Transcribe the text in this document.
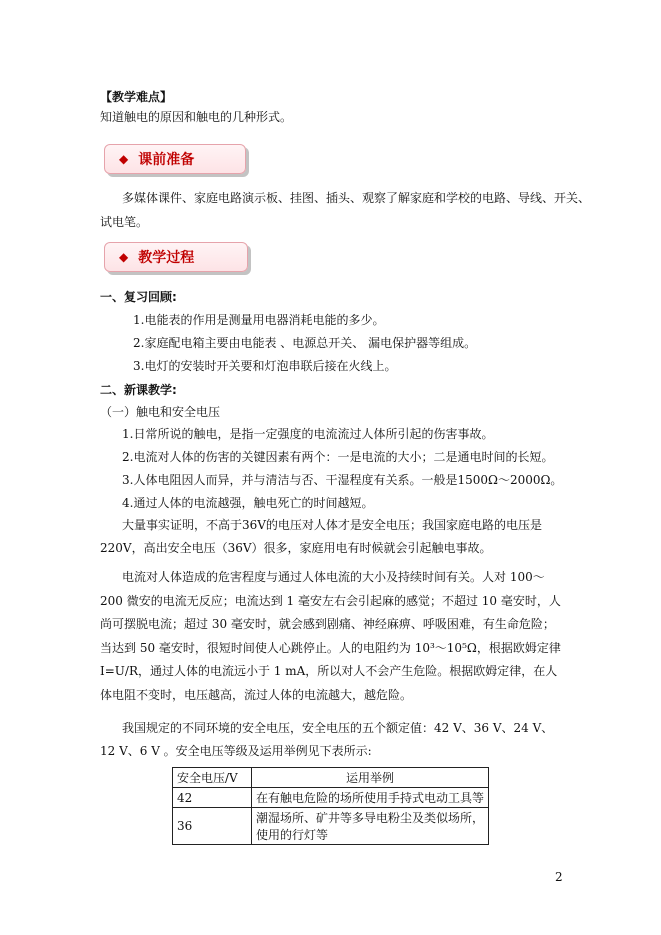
【教学难点】
知道触电的原因和触电的几种形式。
◆ 课前准备
多媒体课件、家庭电路演示板、挂图、插头、观察了解家庭和学校的电路、导线、开关、
试电笔。
◆ 教学过程
一、复习回顾:
1.电能表的作用是测量用电器消耗电能的多少。
2.家庭配电箱主要由电能表 、电源总开关、 漏电保护器等组成。
3.电灯的安装时开关要和灯泡串联后接在火线上。
二、新课教学:
（一）触电和安全电压
1.日常所说的触电，是指一定强度的电流流过人体所引起的伤害事故。
2.电流对人体的伤害的关键因素有两个：一是电流的大小；二是通电时间的长短。
3.人体电阻因人而异，并与清洁与否、干湿程度有关系。一般是1500Ω～2000Ω。
4.通过人体的电流越强，触电死亡的时间越短。
大量事实证明，不高于36V的电压对人体才是安全电压；我国家庭电路的电压是220V，高出安全电压（36V）很多，家庭用电有时候就会引起触电事故。
电流对人体造成的危害程度与通过人体电流的大小及持续时间有关。人对 100～200 微安的电流无反应；电流达到 1 毫安左右会引起麻的感觉；不超过 10 毫安时，人尚可摆脱电流；超过 30 毫安时，就会感到剧痛、神经麻痹、呼吸困难，有生命危险；当达到 50 毫安时，很短时间使人心跳停止。人的电阻约为 10³～10⁵Ω，根据欧姆定律 I=U/R，通过人体的电流远小于 1 mA，所以对人不会产生危险。根据欧姆定律，在人体电阻不变时，电压越高，流过人体的电流越大，越危险。
我国规定的不同环境的安全电压，安全电压的五个额定值：42 V、36 V、24 V、12 V、6 V 。安全电压等级及运用举例见下表所示:
安全电压/V	运用举例
42	在有触电危险的场所使用手持式电动工具等
36	潮湿场所、矿井等多导电粉尘及类似场所，使用的行灯等
2
